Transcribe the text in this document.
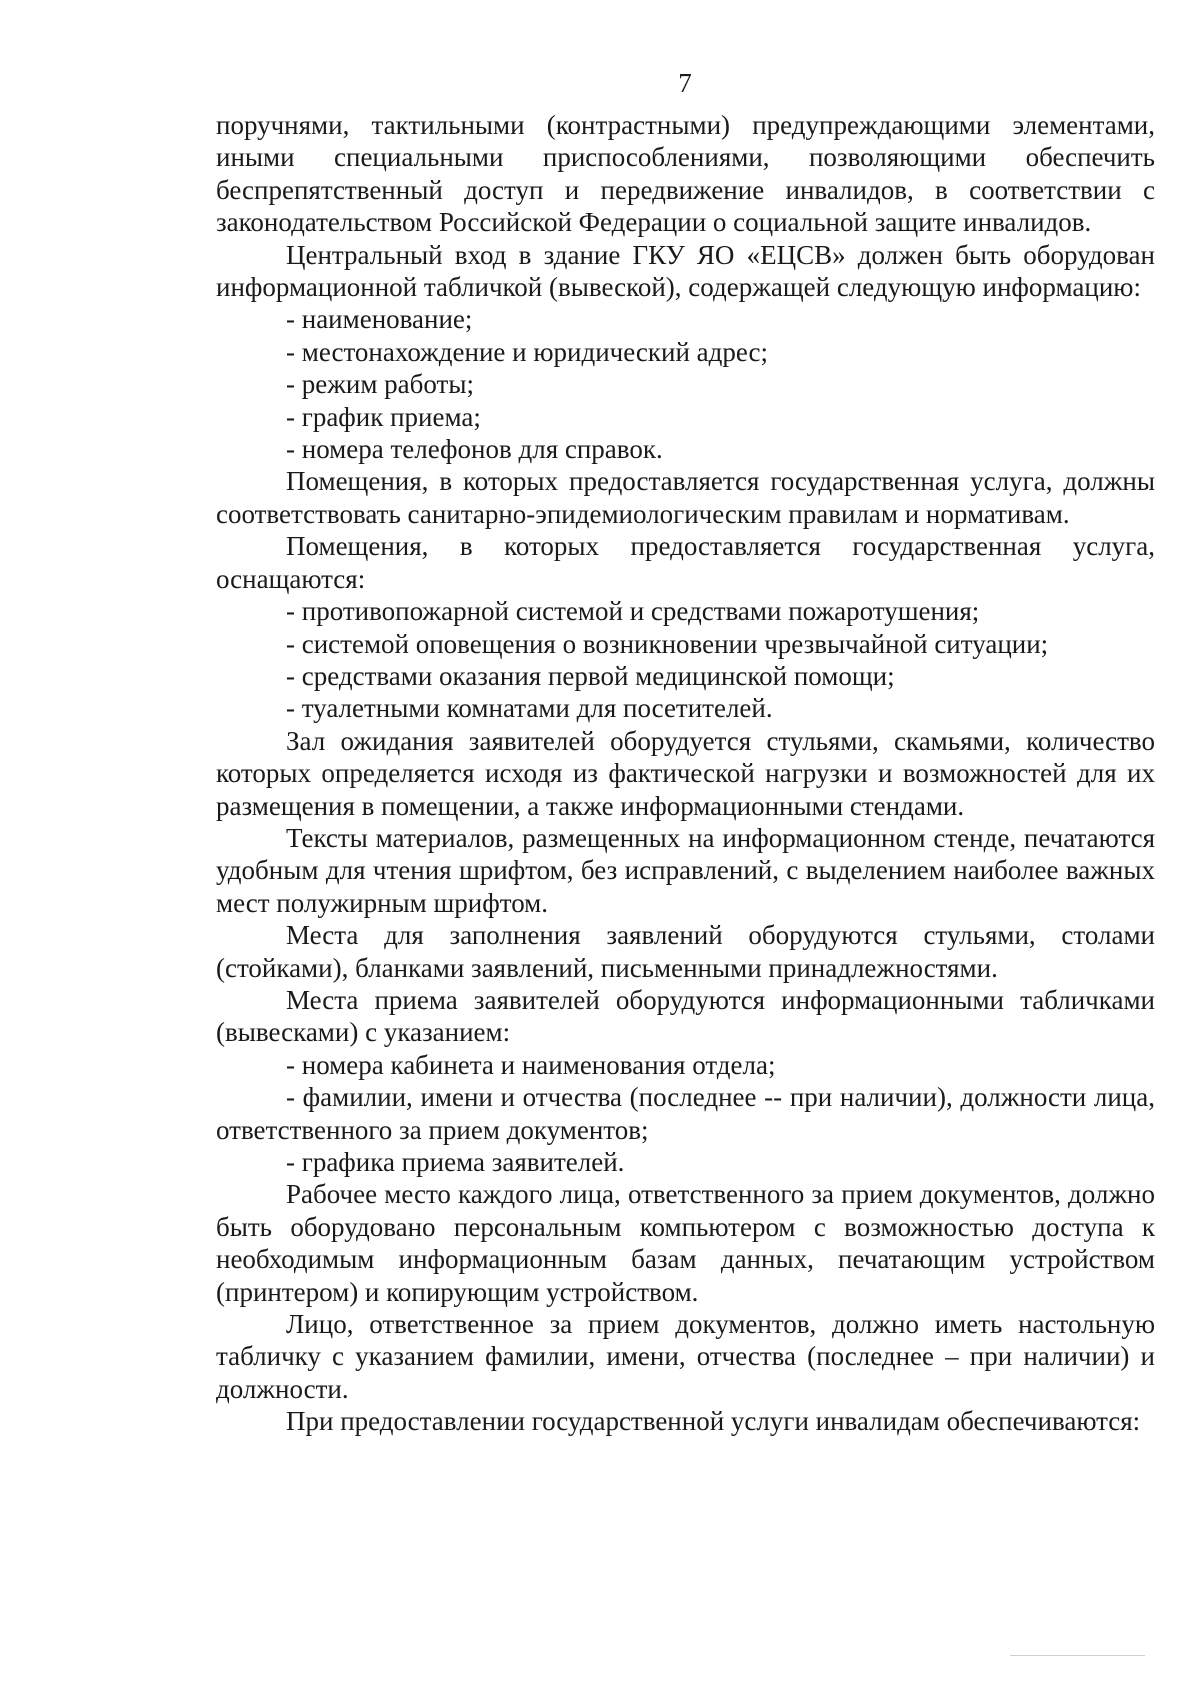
7

поручнями, тактильными (контрастными) предупреждающими элементами, иными специальными приспособлениями, позволяющими обеспечить беспрепятственный доступ и передвижение инвалидов, в соответствии с законодательством Российской Федерации о социальной защите инвалидов.

Центральный вход в здание ГКУ ЯО «ЕЦСВ» должен быть оборудован информационной табличкой (вывеской), содержащей следующую информацию:

- наименование;

- местонахождение и юридический адрес;

- режим работы;

- график приема;

- номера телефонов для справок.

Помещения, в которых предоставляется государственная услуга, должны соответствовать санитарно-эпидемиологическим правилам и нормативам.

Помещения, в которых предоставляется государственная услуга, оснащаются:

- противопожарной системой и средствами пожаротушения;

- системой оповещения о возникновении чрезвычайной ситуации;

- средствами оказания первой медицинской помощи;

- туалетными комнатами для посетителей.

Зал ожидания заявителей оборудуется стульями, скамьями, количество которых определяется исходя из фактической нагрузки и возможностей для их размещения в помещении, а также информационными стендами.

Тексты материалов, размещенных на информационном стенде, печатаются удобным для чтения шрифтом, без исправлений, с выделением наиболее важных мест полужирным шрифтом.

Места для заполнения заявлений оборудуются стульями, столами (стойками), бланками заявлений, письменными принадлежностями.

Места приема заявителей оборудуются информационными табличками (вывесками) с указанием:

- номера кабинета и наименования отдела;

- фамилии, имени и отчества (последнее -- при наличии), должности лица, ответственного за прием документов;

- графика приема заявителей.

Рабочее место каждого лица, ответственного за прием документов, должно быть оборудовано персональным компьютером с возможностью доступа к необходимым информационным базам данных, печатающим устройством (принтером) и копирующим устройством.

Лицо, ответственное за прием документов, должно иметь настольную табличку с указанием фамилии, имени, отчества (последнее – при наличии) и должности.

При предоставлении государственной услуги инвалидам обеспечиваются:
